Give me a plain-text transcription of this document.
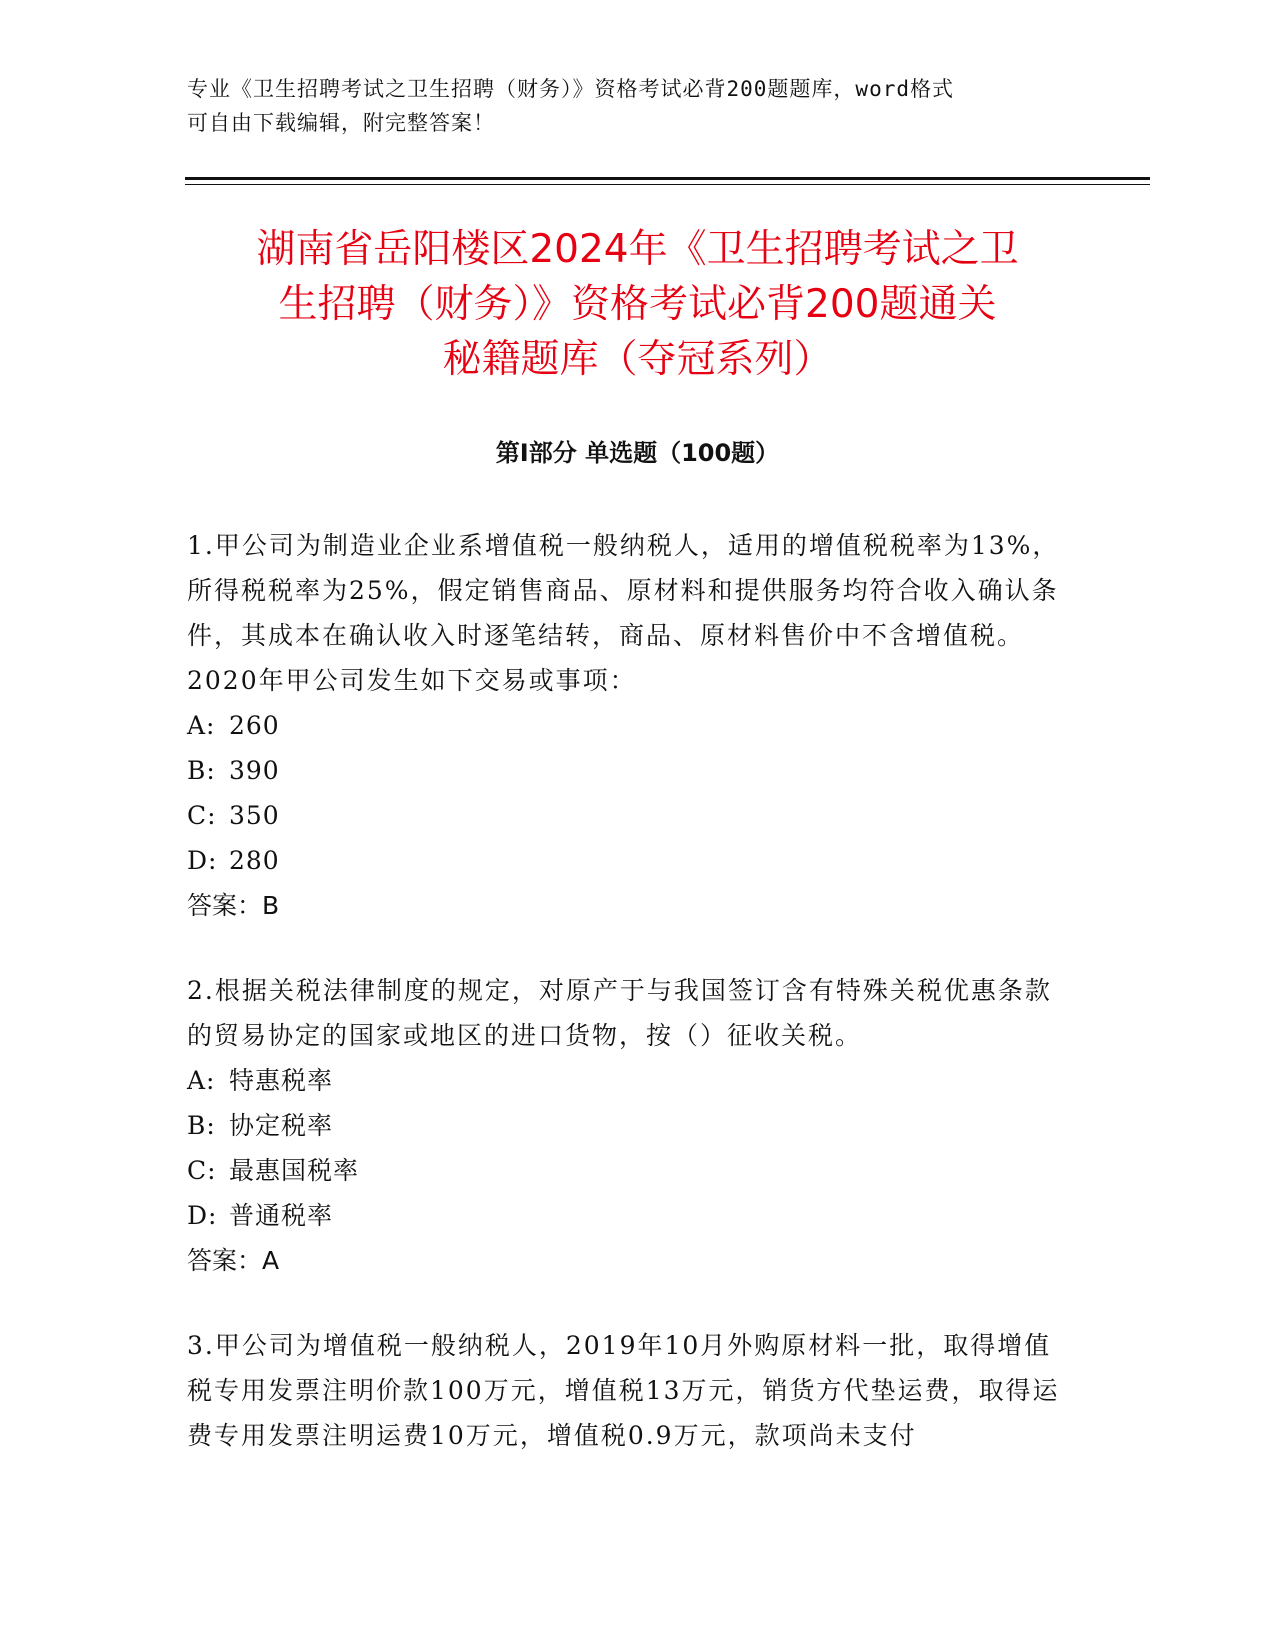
专业《卫生招聘考试之卫生招聘（财务）》资格考试必背200题题库，word格式
可自由下载编辑，附完整答案！
湖南省岳阳楼区2024年《卫生招聘考试之卫
生招聘（财务）》资格考试必背200题通关
秘籍题库（夺冠系列）
第Ⅰ部分 单选题（100题）

1.甲公司为制造业企业系增值税一般纳税人，适用的增值税税率为13%，所得税税率为25%，假定销售商品、原材料和提供服务均符合收入确认条件，其成本在确认收入时逐笔结转，商品、原材料售价中不含增值税。2020年甲公司发生如下交易或事项：

A: 260

B: 390

C: 350

D: 280

答案：B

2.根据关税法律制度的规定，对原产于与我国签订含有特殊关税优惠条款的贸易协定的国家或地区的进口货物，按（）征收关税。

A: 特惠税率

B: 协定税率

C: 最惠国税率

D: 普通税率

答案：A

3.甲公司为增值税一般纳税人，2019年10月外购原材料一批，取得增值税专用发票注明价款100万元，增值税13万元，销货方代垫运费，取得运费专用发票注明运费10万元，增值税0.9万元，款项尚未支付
